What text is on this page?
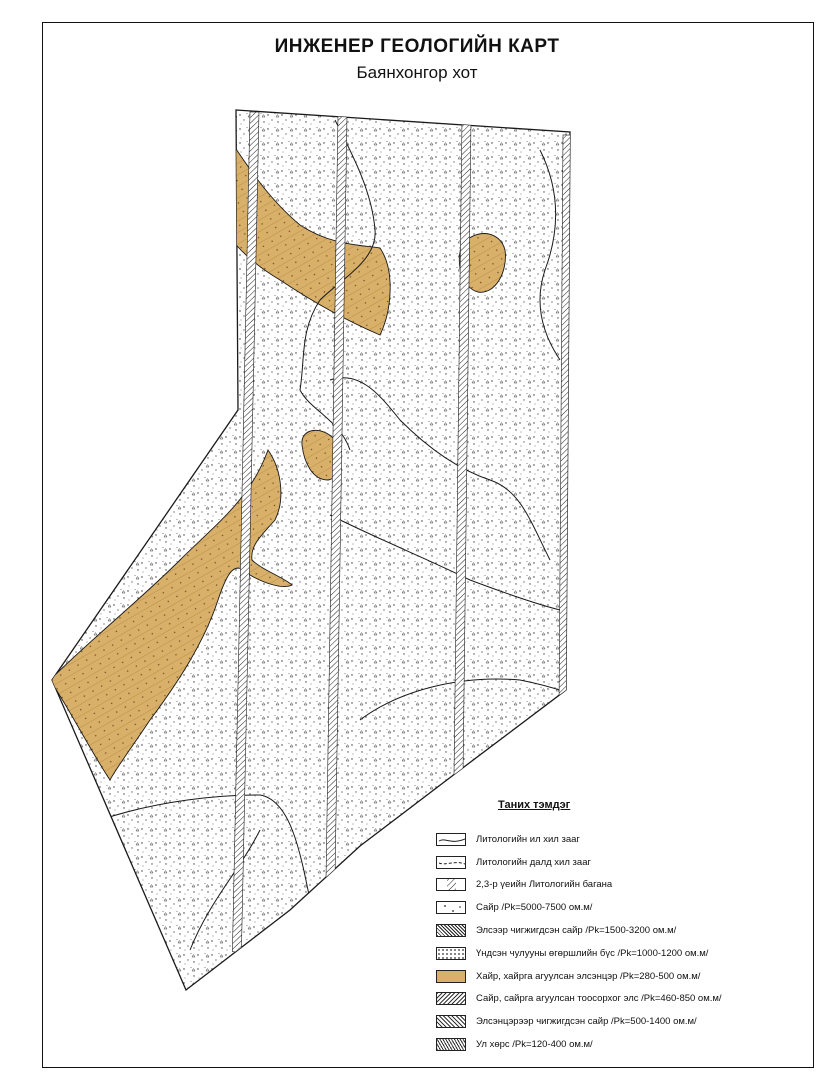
ИНЖЕНЕР ГЕОЛОГИЙН КАРТ
Баянхонгор хот
Таних тэмдэг
Литологийн ил хил зааг
Литологийн далд хил зааг
2,3-р үеийн Литологийн багана
Сайр /Pk=5000-7500 ом.м/
Элсээр чигжигдсэн сайр /Pk=1500-3200 ом.м/
Үндсэн чулууны өгөршлийн бүс /Pk=1000-1200 ом.м/
Хайр, хайрга агуулсан элсэнцэр /Pk=280-500 ом.м/
Сайр, сайрга агуулсан тоосорхог элс /Pk=460-850 ом.м/
Элсэнцэрээр чигжигдсэн сайр /Pk=500-1400 ом.м/
Ул хөрс /Pk=120-400 ом.м/
